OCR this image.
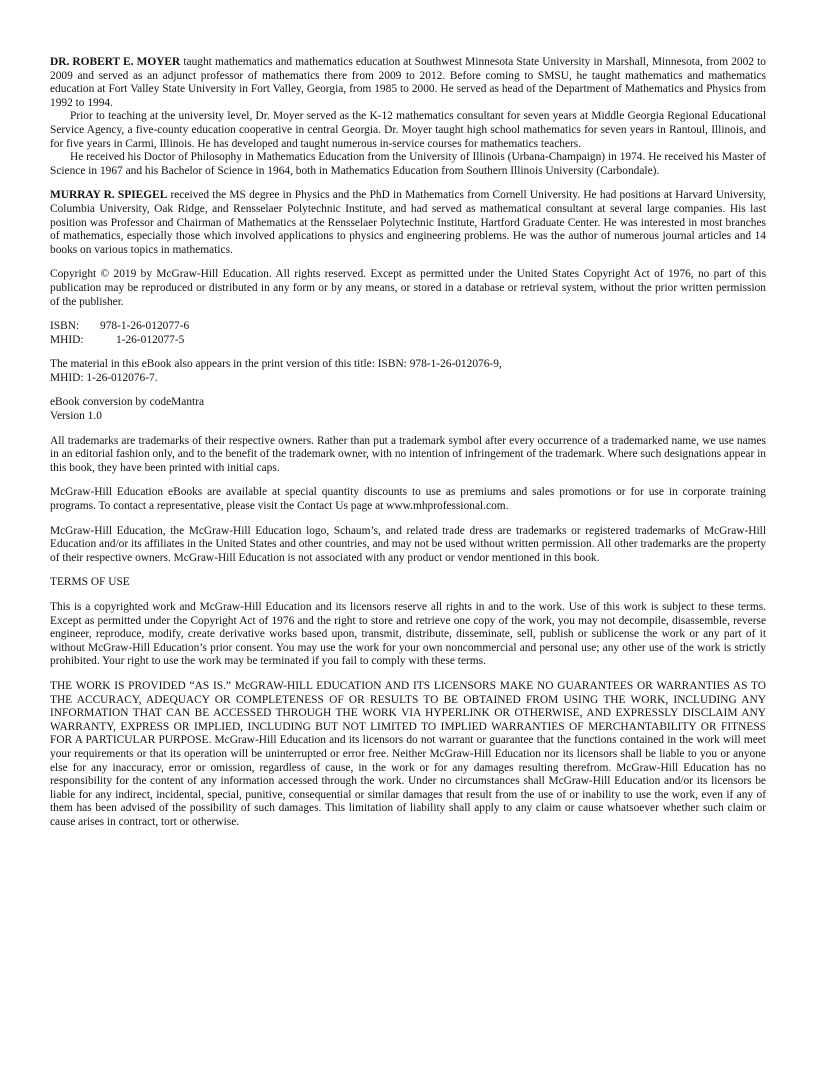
DR. ROBERT E. MOYER taught mathematics and mathematics education at Southwest Minnesota State University in Marshall, Minnesota, from 2002 to 2009 and served as an adjunct professor of mathematics there from 2009 to 2012. Before coming to SMSU, he taught mathematics and mathematics education at Fort Valley State University in Fort Valley, Georgia, from 1985 to 2000. He served as head of the Department of Mathematics and Physics from 1992 to 1994.

Prior to teaching at the university level, Dr. Moyer served as the K-12 mathematics consultant for seven years at Middle Georgia Regional Educational Service Agency, a five-county education cooperative in central Georgia. Dr. Moyer taught high school mathematics for seven years in Rantoul, Illinois, and for five years in Carmi, Illinois. He has developed and taught numerous in-service courses for mathematics teachers.

He received his Doctor of Philosophy in Mathematics Education from the University of Illinois (Urbana-Champaign) in 1974. He received his Master of Science in 1967 and his Bachelor of Science in 1964, both in Mathematics Education from Southern Illinois University (Carbondale).

MURRAY R. SPIEGEL received the MS degree in Physics and the PhD in Mathematics from Cornell University. He had positions at Harvard University, Columbia University, Oak Ridge, and Rensselaer Polytechnic Institute, and had served as mathematical consultant at several large companies. His last position was Professor and Chairman of Mathematics at the Rensselaer Polytechnic Institute, Hartford Graduate Center. He was interested in most branches of mathematics, especially those which involved applications to physics and engineering problems. He was the author of numerous journal articles and 14 books on various topics in mathematics.

Copyright © 2019 by McGraw-Hill Education. All rights reserved. Except as permitted under the United States Copyright Act of 1976, no part of this publication may be reproduced or distributed in any form or by any means, or stored in a database or retrieval system, without the prior written permission of the publisher.

ISBN:	978-1-26-012077-6
MHID:	1-26-012077-5

The material in this eBook also appears in the print version of this title: ISBN: 978-1-26-012076-9,

MHID: 1-26-012076-7.

eBook conversion by codeMantra

Version 1.0

All trademarks are trademarks of their respective owners. Rather than put a trademark symbol after every occurrence of a trademarked name, we use names in an editorial fashion only, and to the benefit of the trademark owner, with no intention of infringement of the trademark. Where such designations appear in this book, they have been printed with initial caps.

McGraw-Hill Education eBooks are available at special quantity discounts to use as premiums and sales promotions or for use in corporate training programs. To contact a representative, please visit the Contact Us page at www.mhprofessional.com.

McGraw-Hill Education, the McGraw-Hill Education logo, Schaum’s, and related trade dress are trademarks or registered trademarks of McGraw-Hill Education and/or its affiliates in the United States and other countries, and may not be used without written permission. All other trademarks are the property of their respective owners. McGraw-Hill Education is not associated with any product or vendor mentioned in this book.

TERMS OF USE

This is a copyrighted work and McGraw-Hill Education and its licensors reserve all rights in and to the work. Use of this work is subject to these terms. Except as permitted under the Copyright Act of 1976 and the right to store and retrieve one copy of the work, you may not decompile, disassemble, reverse engineer, reproduce, modify, create derivative works based upon, transmit, distribute, disseminate, sell, publish or sublicense the work or any part of it without McGraw-Hill Education’s prior consent. You may use the work for your own noncommercial and personal use; any other use of the work is strictly prohibited. Your right to use the work may be terminated if you fail to comply with these terms.

THE WORK IS PROVIDED “AS IS.” McGRAW-HILL EDUCATION AND ITS LICENSORS MAKE NO GUARANTEES OR WARRANTIES AS TO THE ACCURACY, ADEQUACY OR COMPLETENESS OF OR RESULTS TO BE OBTAINED FROM USING THE WORK, INCLUDING ANY INFORMATION THAT CAN BE ACCESSED THROUGH THE WORK VIA HYPERLINK OR OTHERWISE, AND EXPRESSLY DISCLAIM ANY WARRANTY, EXPRESS OR IMPLIED, INCLUDING BUT NOT LIMITED TO IMPLIED WARRANTIES OF MERCHANTABILITY OR FITNESS FOR A PARTICULAR PURPOSE. McGraw-Hill Education and its licensors do not warrant or guarantee that the functions contained in the work will meet your requirements or that its operation will be uninterrupted or error free. Neither McGraw-Hill Education nor its licensors shall be liable to you or anyone else for any inaccuracy, error or omission, regardless of cause, in the work or for any damages resulting therefrom. McGraw-Hill Education has no responsibility for the content of any information accessed through the work. Under no circumstances shall McGraw-Hill Education and/or its licensors be liable for any indirect, incidental, special, punitive, consequential or similar damages that result from the use of or inability to use the work, even if any of them has been advised of the possibility of such damages. This limitation of liability shall apply to any claim or cause whatsoever whether such claim or cause arises in contract, tort or otherwise.
